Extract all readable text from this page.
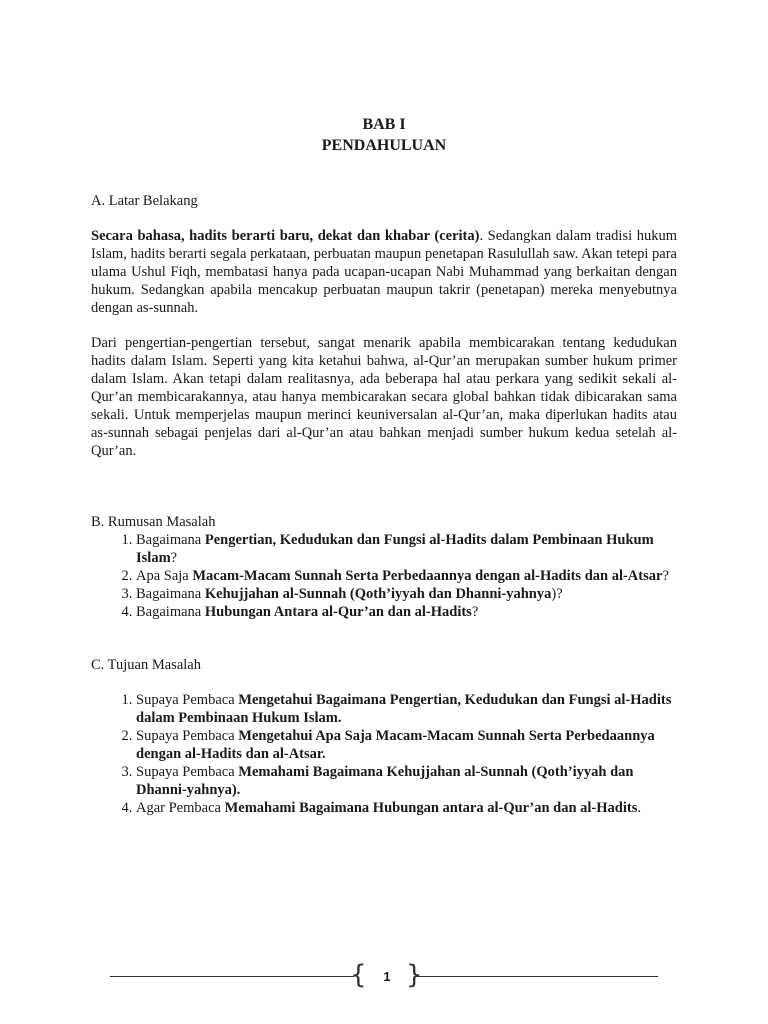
BAB I
PENDAHULUAN
A. Latar Belakang

Secara bahasa, hadits berarti baru, dekat dan khabar (cerita). Sedangkan dalam tradisi hukum Islam, hadits berarti segala perkataan, perbuatan maupun penetapan Rasulullah saw. Akan tetepi para ulama Ushul Fiqh, membatasi hanya pada ucapan-ucapan Nabi Muhammad yang berkaitan dengan hukum. Sedangkan apabila mencakup perbuatan maupun takrir (penetapan) mereka menyebutnya dengan as-sunnah.

Dari pengertian-pengertian tersebut, sangat menarik apabila membicarakan tentang kedudukan hadits dalam Islam. Seperti yang kita ketahui bahwa, al-Qur’an merupakan sumber hukum primer dalam Islam. Akan tetapi dalam realitasnya, ada beberapa hal atau perkara yang sedikit sekali al-Qur’an membicarakannya, atau hanya membicarakan secara global bahkan tidak dibicarakan sama sekali. Untuk memperjelas maupun merinci keuniversalan al-Qur’an, maka diperlukan hadits atau as-sunnah sebagai penjelas dari al-Qur’an atau bahkan menjadi sumber hukum kedua setelah al-Qur’an.

B. Rumusan Masalah
1. Bagaimana Pengertian, Kedudukan dan Fungsi al-Hadits dalam Pembinaan Hukum Islam?
2. Apa Saja Macam-Macam Sunnah Serta Perbedaannya dengan al-Hadits dan al-Atsar?
3. Bagaimana Kehujjahan al-Sunnah (Qoth’iyyah dan Dhanni-yahnya)?
4. Bagaimana Hubungan Antara al-Qur’an dan al-Hadits?
C. Tujuan Masalah
1. Supaya Pembaca Mengetahui Bagaimana Pengertian, Kedudukan dan Fungsi al-Hadits dalam Pembinaan Hukum Islam.
2. Supaya Pembaca Mengetahui Apa Saja Macam-Macam Sunnah Serta Perbedaannya dengan al-Hadits dan al-Atsar.
3. Supaya Pembaca Memahami Bagaimana Kehujjahan al-Sunnah (Qoth’iyyah dan Dhanni-yahnya).
4. Agar Pembaca Memahami Bagaimana Hubungan antara al-Qur’an dan al-Hadits.
{	1 }
